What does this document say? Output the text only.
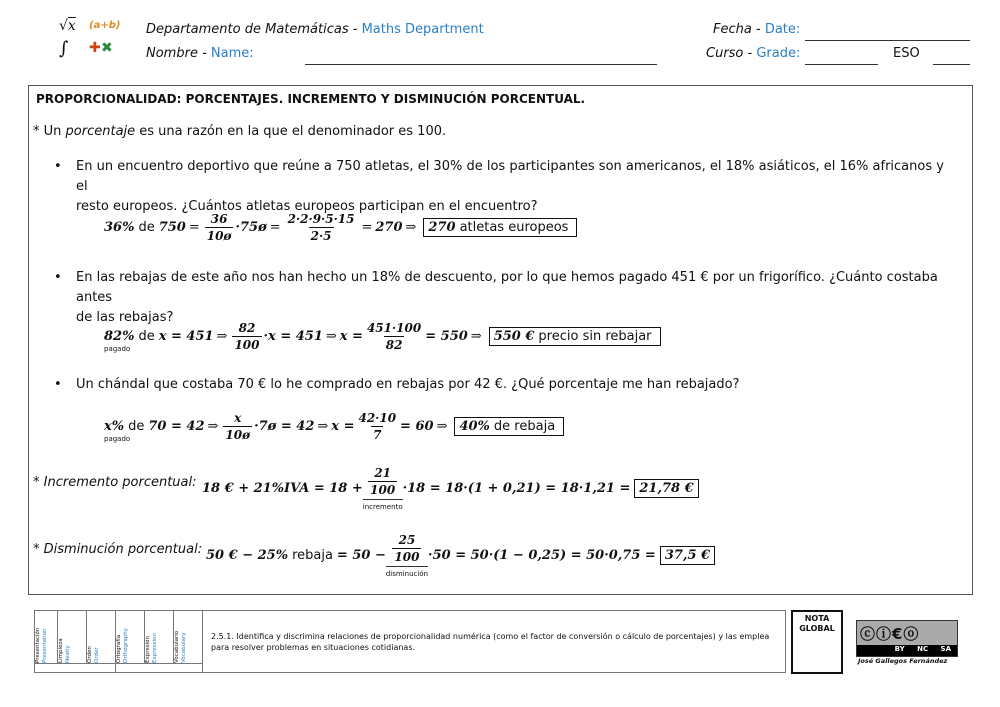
√x (a+b)
∫ ✚ ✖
Departamento de Matemáticas - Maths Department
Nombre - Name:
Fecha - Date:
Curso - Grade:	ESO
PROPORCIONALIDAD: PORCENTAJES. INCREMENTO Y DISMINUCIÓN PORCENTUAL.
* Un porcentaje es una razón en la que el denominador es 100.
• En un encuentro deportivo que reúne a 750 atletas, el 30% de los participantes son americanos, el 18% asiáticos, el 16% africanos y el
resto europeos. ¿Cuántos atletas europeos participan en el encuentro?
36% de $750 = \frac{36}{10ø}$ ·75ø = $\frac{2\cdot 2\cdot 9\cdot 5\cdot 15}{2\cdot 5} = 270$ ⇒ 270 atletas europeos
• En las rebajas de este año nos han hecho un 18% de descuento, por lo que hemos pagado 451 € por un frigorífico. ¿Cuánto costaba antes
de las rebajas?
82%
pagado
de x = 451 ⇒ $\frac{82}{100} \cdot x = 451$ ⇒ $x = \frac{451\cdot 100}{82} = 550$ ⇒ 550 € precio sin rebajar
• Un chándal que costaba 70 € lo he comprado en rebajas por 42 €. ¿Qué porcentaje me han rebajado?
x%
pagado
de 70 = 42 ⇒ $\frac{x}{10ø}$ ·7ø = 42 ⇒ $x = \frac{42\cdot 10}{7} = 60$ ⇒ 40% de rebaja
* Incremento porcentual: 18 € + $21\%IVA = 18 + \frac{21}{100}$
incremento
·18 = 18·(1 + 0,21) = 18·1,21 = 21,78 €
* Disminución porcentual: 50 € − 25% rebaja = $50 - \frac{25}{100}$
disminución
·50 = 50·(1 − 0,25) = 50·0,75 = 37,5 €
Presentación
Presentation	Limpieza
Neatly	Orden
Order	Ortografía
Orthography	Expresión
Expression	Vocabulario
Vocabulary	2.5.1. Identifica y discrimina relaciones de proporcionalidad numérica (como el factor de conversión o cálculo de porcentajes) y las emplea para resolver problemas en situaciones cotidianas.

NOTA GLOBAL	ⓒⓘ€ⓞ
BY NC SA
José Gallegos Fernández
